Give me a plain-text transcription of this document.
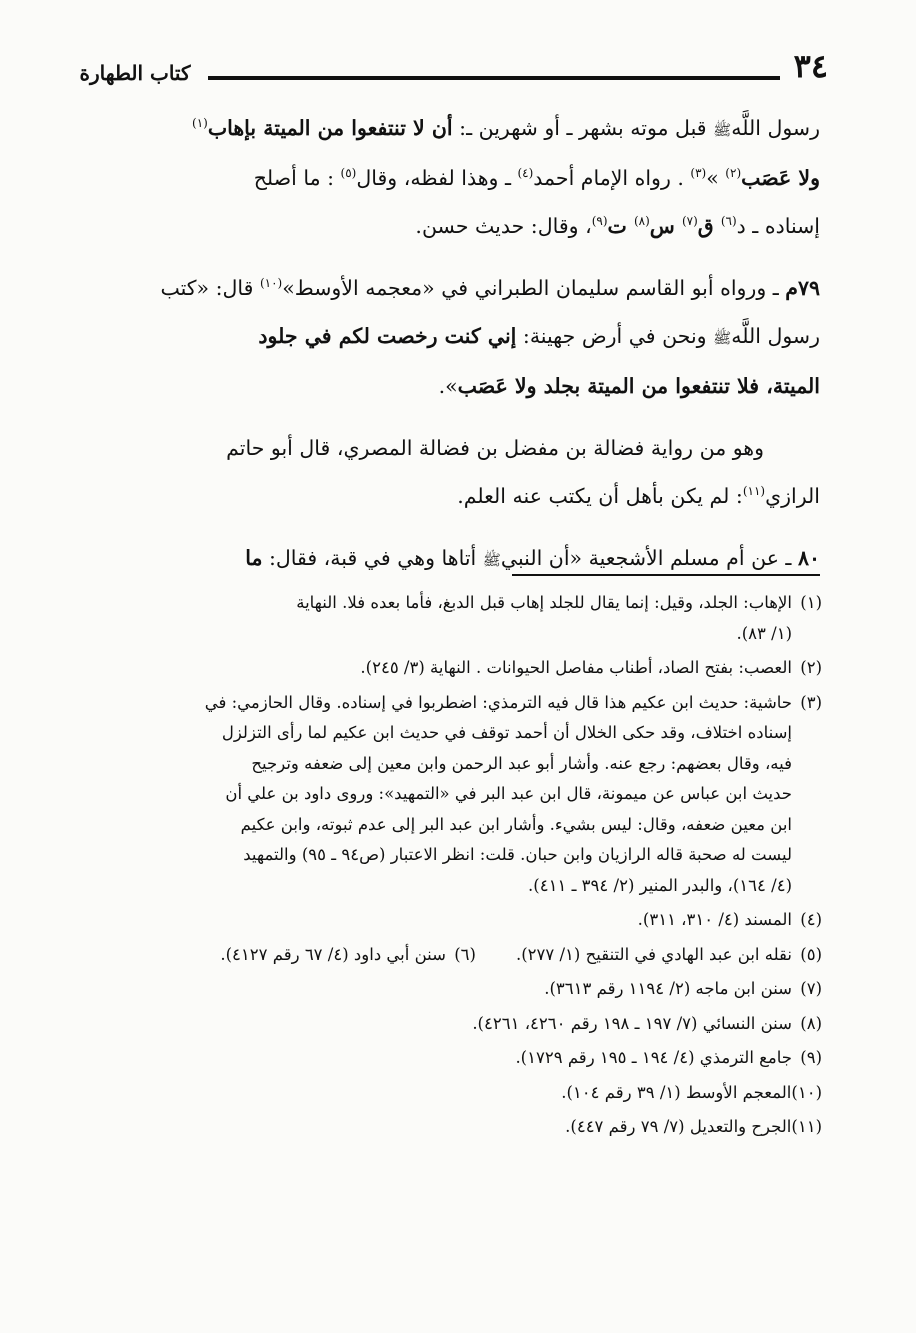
٣٤
كتاب الطهارة

رسول اللَّهﷺ قبل موته بشهر ـ أو شهرين ـ: أن لا تنتفعوا من الميتة بإهاب$^{(١)}$

ولا عَصَب$^{(٢)}$ »$^{(٣)}$ . رواه الإمام أحمد$^{(٤)}$ ـ وهذا لفظه، وقال$^{(٥)}$ : ما أصلح

إسناده ـ د$^{(٦)}$ ق$^{(٧)}$ س$^{(٨)}$ ت$^{(٩)}$، وقال: حديث حسن.

٧٩م ـ ورواه أبو القاسم سليمان الطبراني في «معجمه الأوسط»$^{(١٠)}$ قال: «كتب

رسول اللَّهﷺ ونحن في أرض جهينة: إني كنت رخصت لكم في جلود

الميتة، فلا تنتفعوا من الميتة بجلد ولا عَصَب».

وهو من رواية فضالة بن مفضل بن فضالة المصري، قال أبو حاتم

الرازي$^{(١١)}$: لم يكن بأهل أن يكتب عنه العلم.

٨٠ ـ عن أم مسلم الأشجعية «أن النبيﷺ أتاها وهي في قبة، فقال: ما

(١)الإهاب: الجلد، وقيل: إنما يقال للجلد إهاب قبل الدبغ، فأما بعده فلا. النهاية
(١/ ٨٣).
(٢)العصب: بفتح الصاد، أطناب مفاصل الحيوانات . النهاية (٣/ ٢٤٥).
(٣)حاشية: حديث ابن عكيم هذا قال فيه الترمذي: اضطربوا في إسناده. وقال الحازمي: في
إسناده اختلاف، وقد حكى الخلال أن أحمد توقف في حديث ابن عكيم لما رأى التزلزل
فيه، وقال بعضهم: رجع عنه. وأشار أبو عبد الرحمن وابن معين إلى ضعفه وترجيح
حديث ابن عباس عن ميمونة، قال ابن عبد البر في «التمهيد»: وروى داود بن علي أن
ابن معين ضعفه، وقال: ليس بشيء. وأشار ابن عبد البر إلى عدم ثبوته، وابن عكيم
ليست له صحبة قاله الرازيان وابن حبان. قلت: انظر الاعتبار (ص٩٤ ـ ٩٥) والتمهيد
(٤/ ١٦٤)، والبدر المنير (٢/ ٣٩٤ ـ ٤١١).
(٤)المسند (٤/ ٣١٠، ٣١١).
(٥)نقله ابن عبد الهادي في التنقيح (١/ ٢٧٧).
(٦)سنن أبي داود (٤/ ٦٧ رقم ٤١٢٧).
(٧)سنن ابن ماجه (٢/ ١١٩٤ رقم ٣٦١٣).
(٨)سنن النسائي (٧/ ١٩٧ ـ ١٩٨ رقم ٤٢٦٠، ٤٢٦١).
(٩)جامع الترمذي (٤/ ١٩٤ ـ ١٩٥ رقم ١٧٢٩).
(١٠)المعجم الأوسط (١/ ٣٩ رقم ١٠٤).
(١١)الجرح والتعديل (٧/ ٧٩ رقم ٤٤٧).
